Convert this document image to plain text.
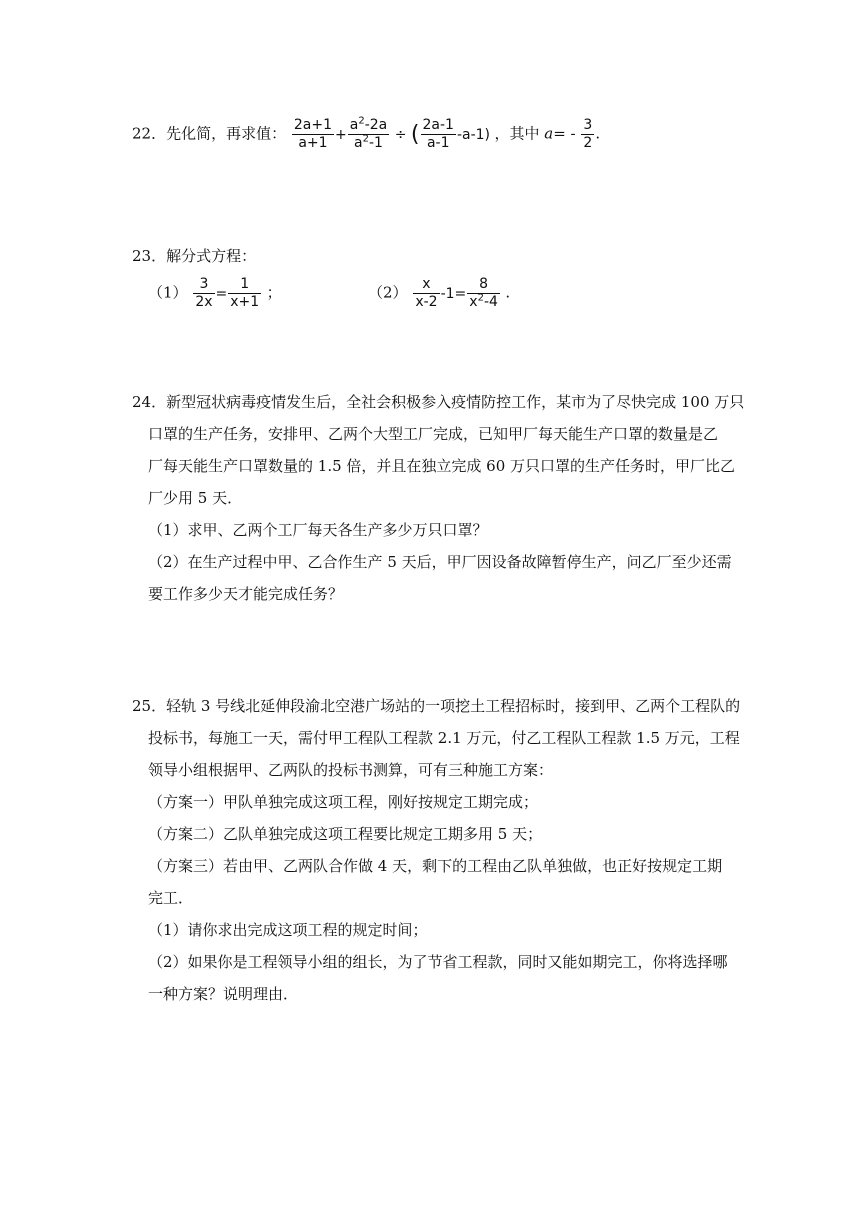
22．先化简，再求值： $\frac{2a+1}{a+1} + \frac{a^2-2a}{a^2-1}$ ÷ ( $\frac{2a-1}{a-1} -a-1$) ，其中 $a= - \frac{3}{2}$ .
23．解分式方程：
$(1) \frac{3}{2x} = \frac{1}{x+1}$ ；	$(2) \frac{x}{x-2} -1= \frac{8}{x^2-4}$ .
24．新型冠状病毒疫情发生后，全社会积极参入疫情防控工作，某市为了尽快完成 100 万只
口罩的生产任务，安排甲、乙两个大型工厂完成，已知甲厂每天能生产口罩的数量是乙
厂每天能生产口罩数量的 1.5 倍，并且在独立完成 60 万只口罩的生产任务时，甲厂比乙
厂少用 5 天．
（1）求甲、乙两个工厂每天各生产多少万只口罩？
（2）在生产过程中甲、乙合作生产 5 天后，甲厂因设备故障暂停生产，问乙厂至少还需
要工作多少天才能完成任务？
25．轻轨 3 号线北延伸段渝北空港广场站的一项挖土工程招标时，接到甲、乙两个工程队的
投标书，每施工一天，需付甲工程队工程款 2.1 万元，付乙工程队工程款 1.5 万元，工程
领导小组根据甲、乙两队的投标书测算，可有三种施工方案：
（方案一）甲队单独完成这项工程，刚好按规定工期完成；
（方案二）乙队单独完成这项工程要比规定工期多用 5 天；
（方案三）若由甲、乙两队合作做 4 天，剩下的工程由乙队单独做，也正好按规定工期
完工．
（1）请你求出完成这项工程的规定时间；
（2）如果你是工程领导小组的组长，为了节省工程款，同时又能如期完工，你将选择哪
一种方案？说明理由．
